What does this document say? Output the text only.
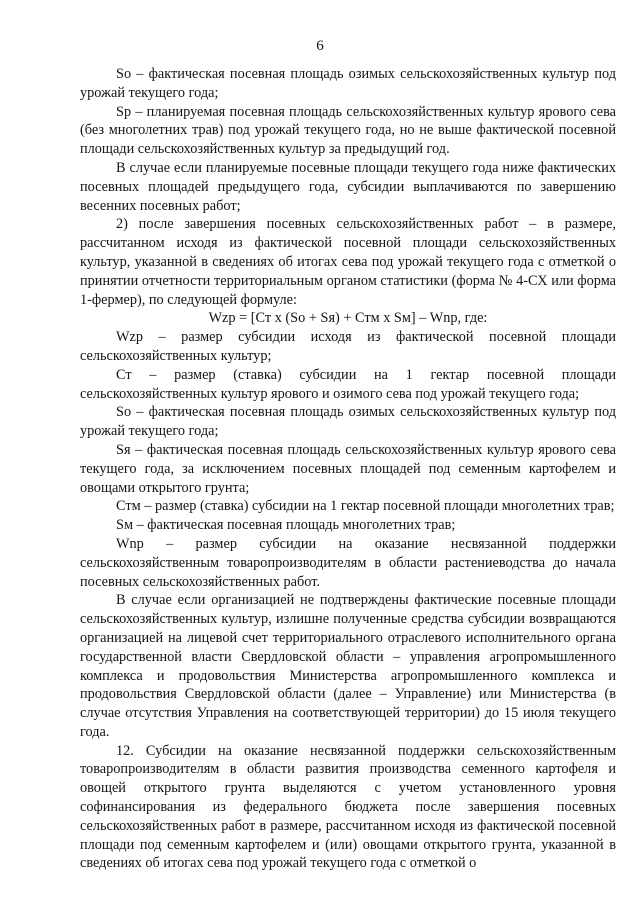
6

So – фактическая посевная площадь озимых сельскохозяйственных культур под урожай текущего года;

Sp – планируемая посевная площадь сельскохозяйственных культур ярового сева (без многолетних трав) под урожай текущего года, но не выше фактической посевной площади сельскохозяйственных культур за предыдущий год.

В случае если планируемые посевные площади текущего года ниже фактических посевных площадей предыдущего года, субсидии выплачиваются по завершению весенних посевных работ;

2) после завершения посевных сельскохозяйственных работ – в размере, рассчитанном исходя из фактической посевной площади сельскохозяйственных культур, указанной в сведениях об итогах сева под урожай текущего года с отметкой о принятии отчетности территориальным органом статистики (форма № 4-СХ или форма 1-фермер), по следующей формуле:

Wzp = [Ст x (So + Sя) + Стм x Sм] – Wnp, где:

Wzp – размер субсидии исходя из фактической посевной площади сельскохозяйственных культур;

Ст – размер (ставка) субсидии на 1 гектар посевной площади сельскохозяйственных культур ярового и озимого сева под урожай текущего года;

So – фактическая посевная площадь озимых сельскохозяйственных культур под урожай текущего года;

Sя – фактическая посевная площадь сельскохозяйственных культур ярового сева текущего года, за исключением посевных площадей под семенным картофелем и овощами открытого грунта;

Стм – размер (ставка) субсидии на 1 гектар посевной площади многолетних трав;

Sм – фактическая посевная площадь многолетних трав;

Wnp – размер субсидии на оказание несвязанной поддержки сельскохозяйственным товаропроизводителям в области растениеводства до начала посевных сельскохозяйственных работ.

В случае если организацией не подтверждены фактические посевные площади сельскохозяйственных культур, излишне полученные средства субсидии возвращаются организацией на лицевой счет территориального отраслевого исполнительного органа государственной власти Свердловской области – управления агропромышленного комплекса и продовольствия Министерства агропромышленного комплекса и продовольствия Свердловской области (далее – Управление) или Министерства (в случае отсутствия Управления на соответствующей территории) до 15 июля текущего года.

12. Субсидии на оказание несвязанной поддержки сельскохозяйственным товаропроизводителям в области развития производства семенного картофеля и овощей открытого грунта выделяются с учетом установленного уровня софинансирования из федерального бюджета после завершения посевных сельскохозяйственных работ в размере, рассчитанном исходя из фактической посевной площади под семенным картофелем и (или) овощами открытого грунта, указанной в сведениях об итогах сева под урожай текущего года с отметкой о
